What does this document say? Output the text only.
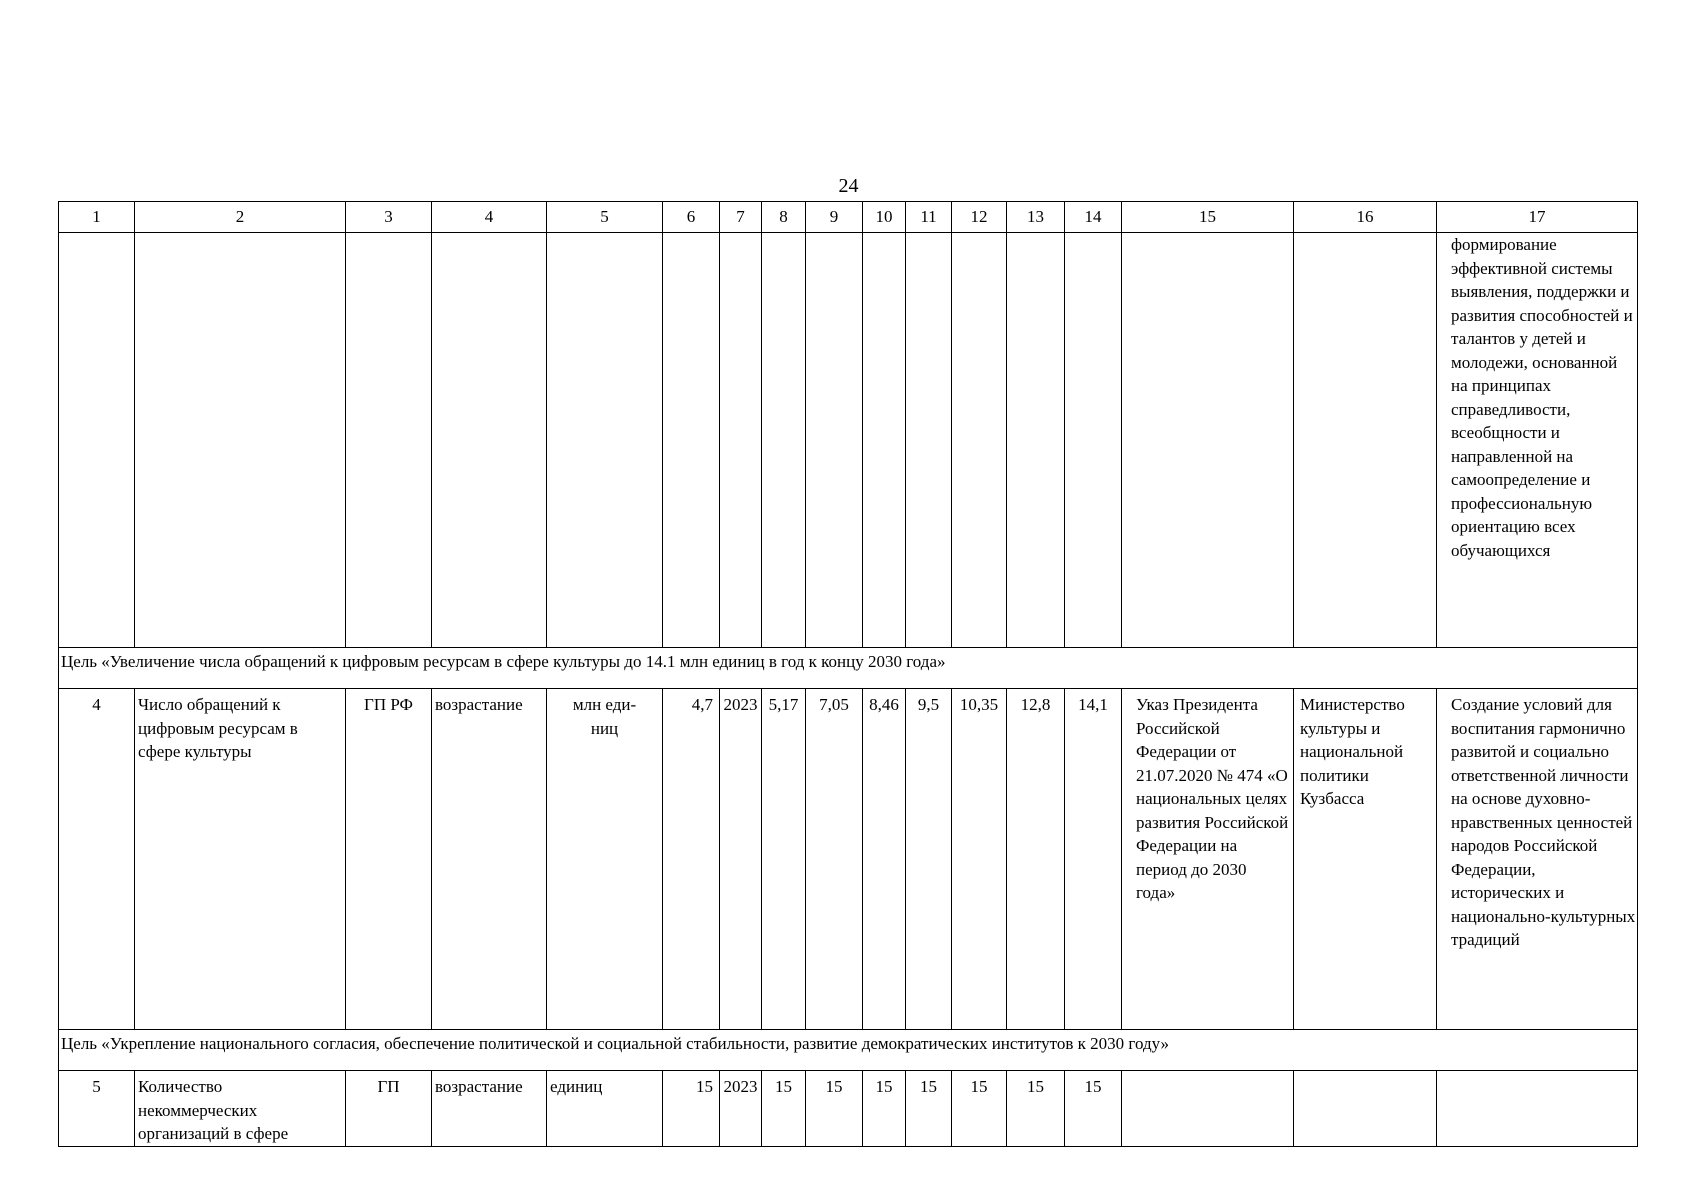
24
1	2	3	4	5	6	7	8	9	10	11	12	13	14	15	16	17
																формирование эффективной системы выявления, поддержки и развития способностей и талантов у детей и молодежи, основанной на принципах справедливости, всеобщности и направленной на самоопределение и профессиональную ориентацию всех обучающихся
Цель «Увеличение числа обращений к цифровым ресурсам в сфере культуры до 14.1 млн единиц в год к концу 2030 года»																
4	Число обращений к цифровым ресурсам в сфере культуры	ГП РФ	возрастание	млн еди-ниц	4,7	2023	5,17	7,05	8,46	9,5	10,35	12,8	14,1	Указ Президента Российской Федерации от 21.07.2020 № 474 «О национальных целях развития Российской Федерации на период до 2030 года»	Министерство культуры и национальной политики Кузбасса	Создание условий для воспитания гармонично развитой и социально ответственной личности на основе духовно-нравственных ценностей народов Российской Федерации, исторических и национально-культурных традиций
Цель «Укрепление национального согласия, обеспечение политической и социальной стабильности, развитие демократических институтов к 2030 году»																
5	Количество некоммерческих организаций в сфере	ГП	возрастание	единиц	15	2023	15	15	15	15	15	15	15			
